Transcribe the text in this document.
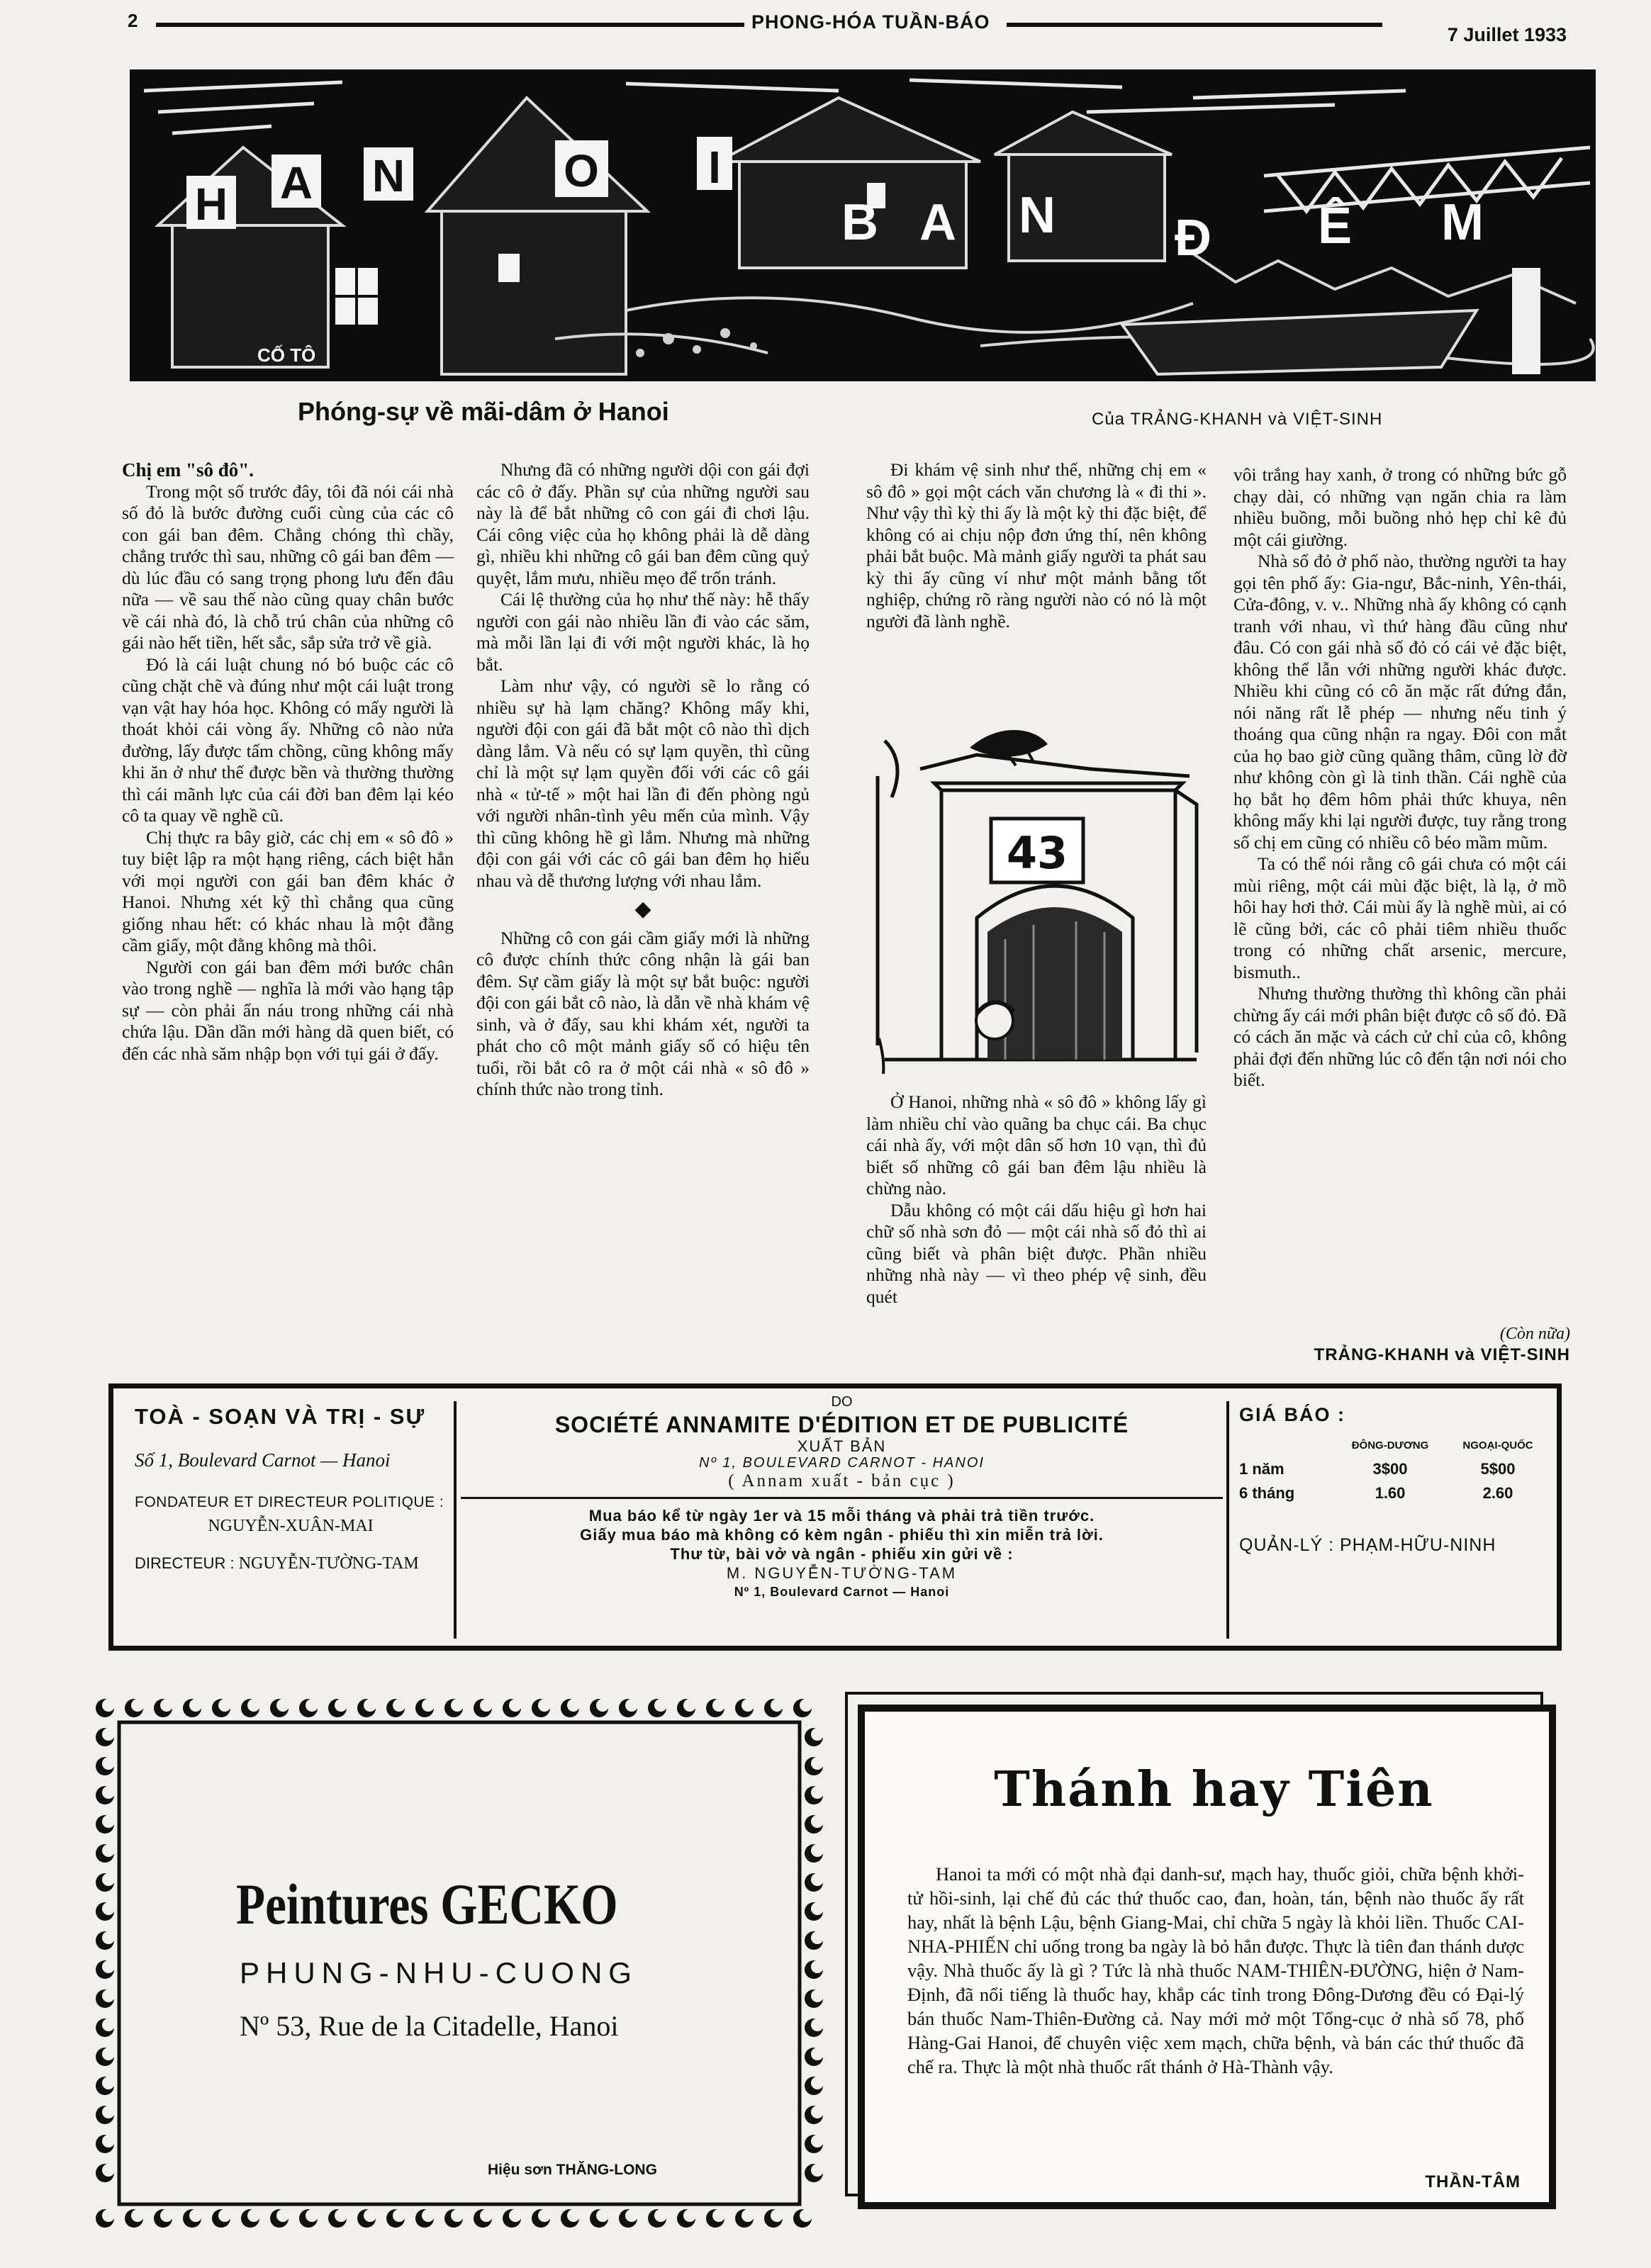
2	PHONG-HÓA TUẦN-BÁO
7 Juillet 1933
H A N	O I
B A N Đ Ê M
CỐ TÔ
Phóng-sự về mãi-dâm ở Hanoi	Của TRẢNG-KHANH và VIỆT-SINH

Chị em "sô đô".

Trong một số trước đây, tôi đã nói cái nhà số đỏ là bước đường cuối cùng của các cô con gái ban đêm. Chẳng chóng thì chầy, chẳng trước thì sau, những cô gái ban đêm — dù lúc đầu có sang trọng phong lưu đến đâu nữa — về sau thế nào cũng quay chân bước về cái nhà đó, là chỗ trú chân của những cô gái nào hết tiền, hết sắc, sắp sửa trở về già.

Đó là cái luật chung nó bó buộc các cô cũng chặt chẽ và đúng như một cái luật trong vạn vật hay hóa học. Không có mấy người là thoát khỏi cái vòng ấy. Những cô nào nửa đường, lấy được tấm chồng, cũng không mấy khi ăn ở như thế được bền và thường thường thì cái mãnh lực của cái đời ban đêm lại kéo cô ta quay về nghề cũ.

Chị thực ra bây giờ, các chị em « sô đô » tuy biệt lập ra một hạng riêng, cách biệt hẳn với mọi người con gái ban đêm khác ở Hanoi. Nhưng xét kỹ thì chẳng qua cũng giống nhau hết: có khác nhau là một đằng cầm giấy, một đằng không mà thôi.

Người con gái ban đêm mới bước chân vào trong nghề — nghĩa là mới vào hạng tập sự — còn phải ẩn náu trong những cái nhà chứa lậu. Dần dần mới hàng dã quen biết, có đến các nhà săm nhập bọn với tụi gái ở đấy.

Nhưng đã có những người dội con gái đợi các cô ở đấy. Phần sự của những người sau này là để bắt những cô con gái đi chơi lậu. Cái công việc của họ không phải là dễ dàng gì, nhiều khi những cô gái ban đêm cũng quỷ quyệt, lắm mưu, nhiều mẹo để trốn tránh.

Cái lệ thường của họ như thế này: hễ thấy người con gái nào nhiều lần đi vào các săm, mà mỗi lần lại đi với một người khác, là họ bắt.

Làm như vậy, có người sẽ lo rằng có nhiều sự hà lạm chăng? Không mấy khi, người đội con gái đã bắt một cô nào thì dịch dàng lắm. Và nếu có sự lạm quyền, thì cũng chỉ là một sự lạm quyền đối với các cô gái nhà « tử-tế » một hai lần đi đến phòng ngủ với người nhân-tình yêu mến của mình. Vậy thì cũng không hề gì lắm. Nhưng mà những đội con gái với các cô gái ban đêm họ hiểu nhau và dễ thương lượng với nhau lắm.

◆

Những cô con gái cầm giấy mới là những cô được chính thức công nhận là gái ban đêm. Sự cầm giấy là một sự bắt buộc: người đội con gái bắt cô nào, là dẫn về nhà khám vệ sinh, và ở đấy, sau khi khám xét, người ta phát cho cô một mảnh giấy số có hiệu tên tuổi, rồi bắt cô ra ở một cái nhà « sô đô » chính thức nào trong tỉnh.

Đi khám vệ sinh như thế, những chị em « sô đô » gọi một cách văn chương là « đi thi ». Như vậy thì kỳ thi ấy là một kỳ thi đặc biệt, để không có ai chịu nộp đơn ứng thí, nên không phải bắt buộc. Mà mảnh giấy người ta phát sau kỳ thi ấy cũng ví như một mảnh bằng tốt nghiệp, chứng rõ ràng người nào có nó là một người đã lành nghề.

43

Ở Hanoi, những nhà « sô đô » không lấy gì làm nhiều chỉ vào quãng ba chục cái. Ba chục cái nhà ấy, với một dân số hơn 10 vạn, thì đủ biết số những cô gái ban đêm lậu nhiều là chừng nào.

Dẫu không có một cái dấu hiệu gì hơn hai chữ số nhà sơn đỏ — một cái nhà số đỏ thì ai cũng biết và phân biệt được. Phần nhiều những nhà này — vì theo phép vệ sinh, đều quét

vôi trắng hay xanh, ở trong có những bức gỗ chạy dài, có những vạn ngăn chia ra làm nhiều buồng, mỗi buồng nhỏ hẹp chỉ kê đủ một cái giường.

Nhà số đỏ ở phố nào, thường người ta hay gọi tên phố ấy: Gia-ngư, Bắc-ninh, Yên-thái, Cửa-đông, v. v.. Những nhà ấy không có cạnh tranh với nhau, vì thứ hàng đầu cũng như đâu. Có con gái nhà số đỏ có cái vẻ đặc biệt, không thể lẫn với những người khác được. Nhiều khi cũng có cô ăn mặc rất đứng đắn, nói năng rất lễ phép — nhưng nếu tinh ý thoáng qua cũng nhận ra ngay. Đôi con mắt của họ bao giờ cũng quầng thâm, cũng lờ đờ như không còn gì là tinh thần. Cái nghề của họ bắt họ đêm hôm phải thức khuya, nên không mấy khi lại người được, tuy rằng trong số chị em cũng có nhiều cô béo mầm mũm.

Ta có thể nói rằng cô gái chưa có một cái mùi riêng, một cái mùi đặc biệt, là lạ, ở mồ hôi hay hơi thở. Cái mùi ấy là nghề mùi, ai có lẽ cũng bởi, các cô phải tiêm nhiều thuốc trong có những chất arsenic, mercure, bismuth..

Nhưng thường thường thì không cần phải chừng ấy cái mới phân biệt được cô số đỏ. Đã có cách ăn mặc và cách cử chỉ của cô, không phải đợi đến những lúc cô đến tận nơi nói cho biết.

(Còn nữa)
TRẢNG-KHANH và VIỆT-SINH
TOÀ - SOẠN VÀ TRỊ - SỰ
Số 1, Boulevard Carnot — Hanoi
FONDATEUR ET DIRECTEUR POLITIQUE :
NGUYỄN-XUÂN-MAI
DIRECTEUR : NGUYỄN-TƯỜNG-TAM
DO
SOCIÉTÉ ANNAMITE D'ÉDITION ET DE PUBLICITÉ
XUẤT BẢN
Nº 1, BOULEVARD CARNOT - HANOI
( Annam xuất - bản cục )
Mua báo kể từ ngày 1er và 15 mỗi tháng và phải trả tiền trước.
Giấy mua báo mà không có kèm ngân - phiếu thì xin miễn trả lời.
Thư từ, bài vở và ngân - phiếu xin gửi về :
M. NGUYỄN-TƯỜNG-TAM
Nº 1, Boulevard Carnot — Hanoi
GIÁ BÁO :
	ĐÔNG-DƯƠNG	NGOẠI-QUỐC
1 năm	3$00	5$00
6 tháng	1.60	2.60
QUẢN-LÝ : PHẠM-HỮU-NINH
Peintures GECKO
PHUNG-NHU-CUONG
Nº 53, Rue de la Citadelle, Hanoi
Hiệu sơn THĂNG-LONG
Thánh hay Tiên

Hanoi ta mới có một nhà đại danh-sư, mạch hay, thuốc giỏi, chữa bệnh khởi-tử hồi-sinh, lại chế đủ các thứ thuốc cao, đan, hoàn, tán, bệnh nào thuốc ấy rất hay, nhất là bệnh Lậu, bệnh Giang-Mai, chỉ chữa 5 ngày là khỏi liền. Thuốc CAI-NHA-PHIẾN chỉ uống trong ba ngày là bỏ hẳn được. Thực là tiên đan thánh dược vậy. Nhà thuốc ấy là gì ? Tức là nhà thuốc NAM-THIÊN-ĐƯỜNG, hiện ở Nam-Định, đã nổi tiếng là thuốc hay, khắp các tỉnh trong Đông-Dương đều có Đại-lý bán thuốc Nam-Thiên-Đường cả. Nay mới mở một Tổng-cục ở nhà số 78, phố Hàng-Gai Hanoi, để chuyên việc xem mạch, chữa bệnh, và bán các thứ thuốc đã chế ra. Thực là một nhà thuốc rất thánh ở Hà-Thành vậy.

THẦN-TÂM
